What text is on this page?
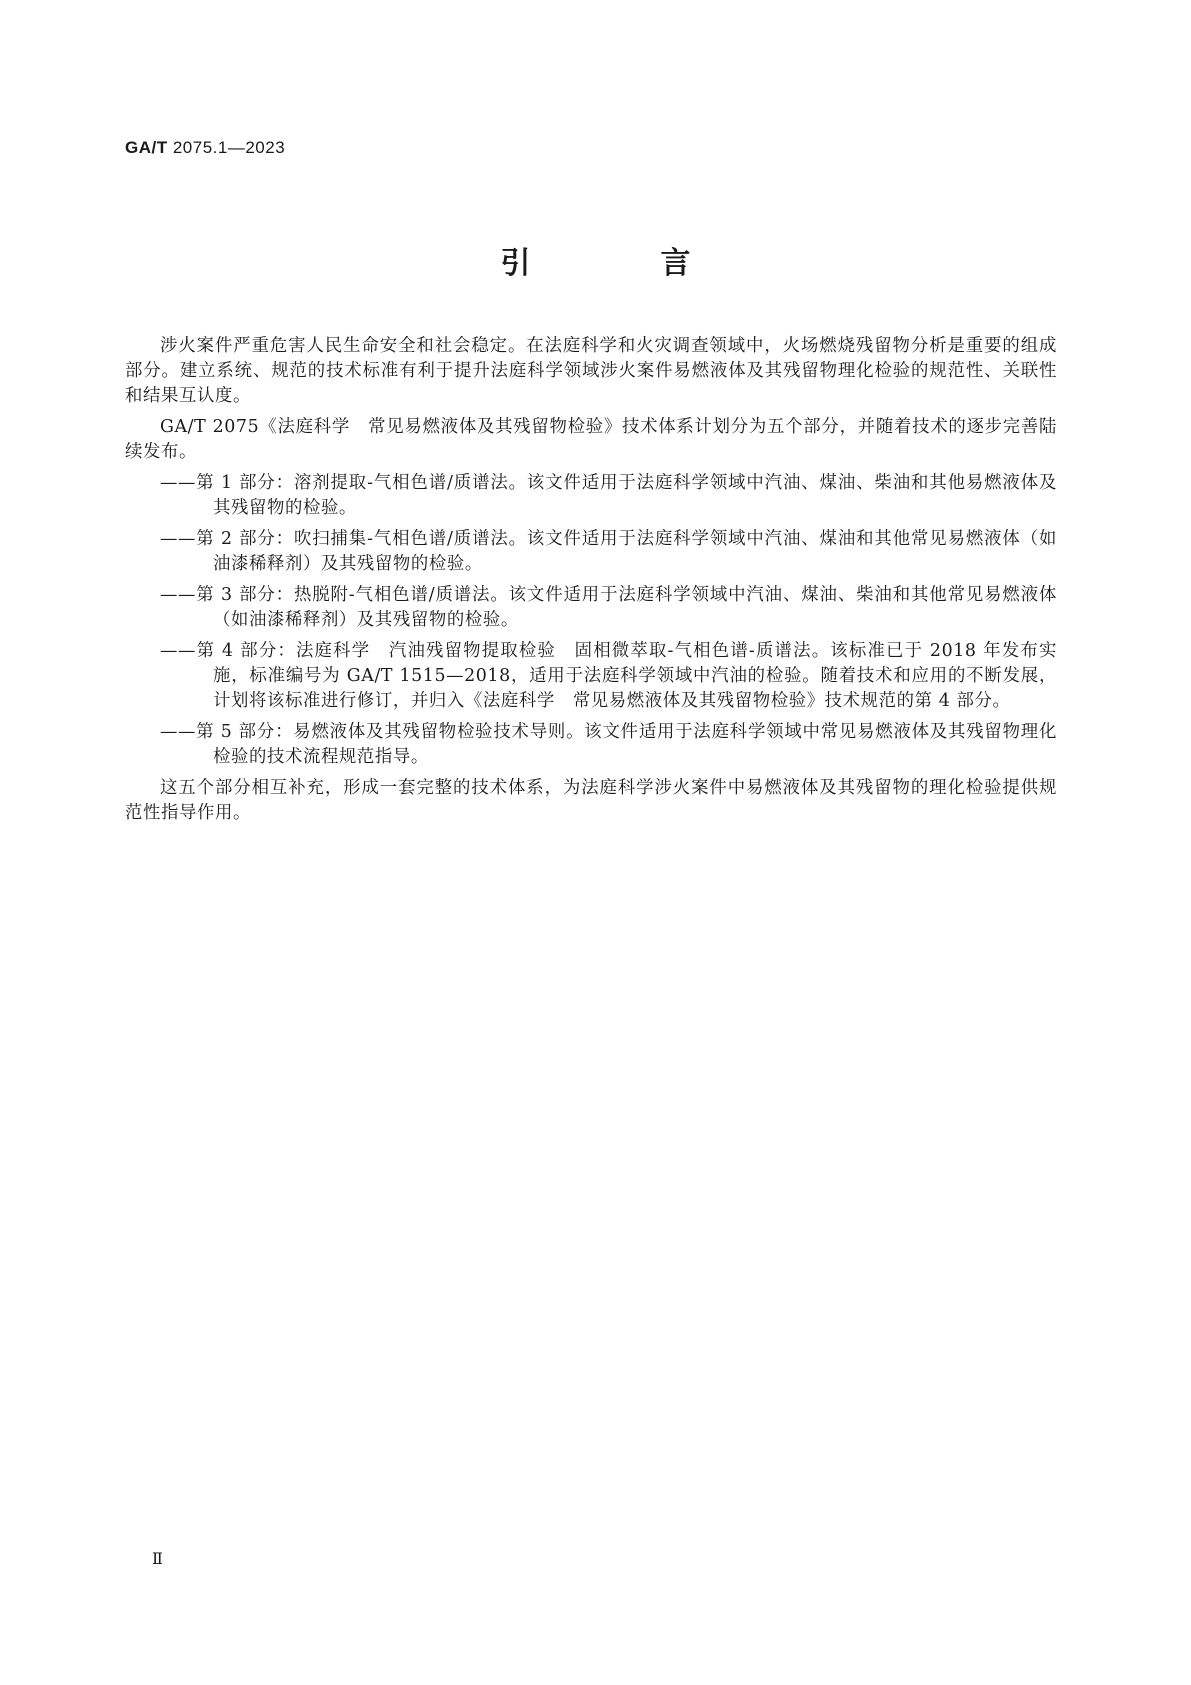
GA/T 2075.1—2023
引　言

涉火案件严重危害人民生命安全和社会稳定。在法庭科学和火灾调查领域中，火场燃烧残留物分析是重要的组成部分。建立系统、规范的技术标准有利于提升法庭科学领域涉火案件易燃液体及其残留物理化检验的规范性、关联性和结果互认度。

GA/T 2075《法庭科学　常见易燃液体及其残留物检验》技术体系计划分为五个部分，并随着技术的逐步完善陆续发布。

——第 1 部分：溶剂提取-气相色谱/质谱法。该文件适用于法庭科学领域中汽油、煤油、柴油和其他易燃液体及其残留物的检验。

——第 2 部分：吹扫捕集-气相色谱/质谱法。该文件适用于法庭科学领域中汽油、煤油和其他常见易燃液体（如油漆稀释剂）及其残留物的检验。

——第 3 部分：热脱附-气相色谱/质谱法。该文件适用于法庭科学领域中汽油、煤油、柴油和其他常见易燃液体（如油漆稀释剂）及其残留物的检验。

——第 4 部分：法庭科学　汽油残留物提取检验　固相微萃取-气相色谱-质谱法。该标准已于 2018 年发布实施，标准编号为 GA/T 1515—2018，适用于法庭科学领域中汽油的检验。随着技术和应用的不断发展，计划将该标准进行修订，并归入《法庭科学　常见易燃液体及其残留物检验》技术规范的第 4 部分。

——第 5 部分：易燃液体及其残留物检验技术导则。该文件适用于法庭科学领域中常见易燃液体及其残留物理化检验的技术流程规范指导。

这五个部分相互补充，形成一套完整的技术体系，为法庭科学涉火案件中易燃液体及其残留物的理化检验提供规范性指导作用。

Ⅱ
